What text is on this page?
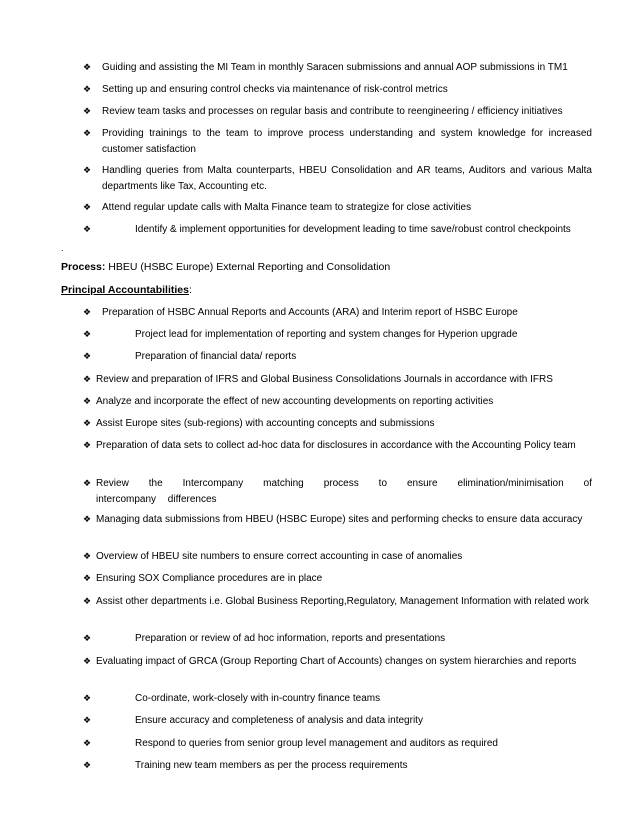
❖	Guiding and assisting the MI Team in monthly Saracen submissions and annual AOP submissions in TM1
❖	Setting up and ensuring control checks via maintenance of risk-control metrics
❖	Review team tasks and processes on regular basis and contribute to reengineering / efficiency initiatives
❖	Providing trainings to the team to improve process understanding and system knowledge for increased customer satisfaction
❖	Handling queries from Malta counterparts, HBEU Consolidation and AR teams, Auditors and various Malta departments like Tax, Accounting etc.
❖	Attend regular update calls with Malta Finance team to strategize for close activities
❖	Identify & implement opportunities for development leading to time save/robust control checkpoints
.
Process: HBEU (HSBC Europe) External Reporting and Consolidation
Principal Accountabilities:
❖	Preparation of HSBC Annual Reports and Accounts (ARA) and Interim report of HSBC Europe
❖	Project lead for implementation of reporting and system changes for Hyperion upgrade
❖	Preparation of financial data/ reports
❖ Review and preparation of IFRS and Global Business Consolidations Journals in accordance with IFRS
❖ Analyze and incorporate the effect of new accounting developments on reporting activities
❖ Assist Europe sites (sub-regions) with accounting concepts and submissions
❖ Preparation of data sets to collect ad-hoc data for disclosures in accordance with the Accounting Policy team
❖ Review the Intercompany matching process to ensure elimination/minimisation of intercompany differences
❖ Managing data submissions from HBEU (HSBC Europe) sites and performing checks to ensure data accuracy
❖ Overview of HBEU site numbers to ensure correct accounting in case of anomalies
❖ Ensuring SOX Compliance procedures are in place
❖ Assist other departments i.e. Global Business Reporting,Regulatory, Management Information with related work
❖	Preparation or review of ad hoc information, reports and presentations
❖ Evaluating impact of GRCA (Group Reporting Chart of Accounts) changes on system hierarchies and reports
❖	Co-ordinate, work-closely with in-country finance teams
❖	Ensure accuracy and completeness of analysis and data integrity
❖	Respond to queries from senior group level management and auditors as required
❖	Training new team members as per the process requirements
